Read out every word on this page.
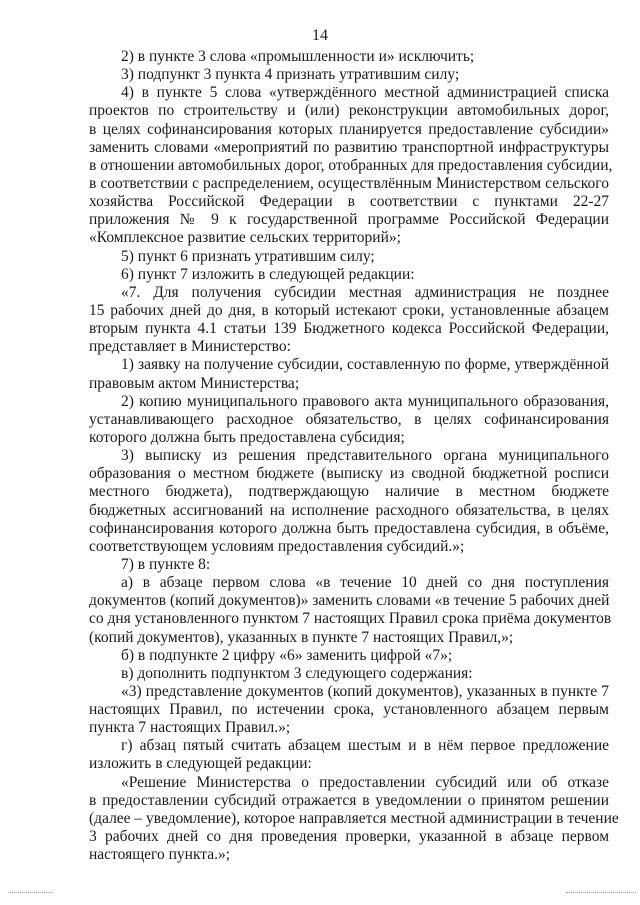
14
2) в пункте 3 слова «промышленности и» исключить;
3) подпункт 3 пункта 4 признать утратившим силу;
4) в пункте 5 слова «утверждённого местной администрацией списка
проектов по строительству и (или) реконструкции автомобильных дорог,
в целях софинансирования которых планируется предоставление субсидии»
заменить словами «мероприятий по развитию транспортной инфраструктуры
в отношении автомобильных дорог, отобранных для предоставления субсидии,
в соответствии с распределением, осуществлённым Министерством сельского
хозяйства Российской Федерации в соответствии с пунктами 22-27
приложения № 9 к государственной программе Российской Федерации
«Комплексное развитие сельских территорий»;
5) пункт 6 признать утратившим силу;
6) пункт 7 изложить в следующей редакции:
«7. Для получения субсидии местная администрация не позднее
15 рабочих дней до дня, в который истекают сроки, установленные абзацем
вторым пункта 4.1 статьи 139 Бюджетного кодекса Российской Федерации,
представляет в Министерство:
1) заявку на получение субсидии, составленную по форме, утверждённой
правовым актом Министерства;
2) копию муниципального правового акта муниципального образования,
устанавливающего расходное обязательство, в целях софинансирования
которого должна быть предоставлена субсидия;
3) выписку из решения представительного органа муниципального
образования о местном бюджете (выписку из сводной бюджетной росписи
местного бюджета), подтверждающую наличие в местном бюджете
бюджетных ассигнований на исполнение расходного обязательства, в целях
софинансирования которого должна быть предоставлена субсидия, в объёме,
соответствующем условиям предоставления субсидий.»;
7) в пункте 8:
а) в абзаце первом слова «в течение 10 дней со дня поступления
документов (копий документов)» заменить словами «в течение 5 рабочих дней
со дня установленного пунктом 7 настоящих Правил срока приёма документов
(копий документов), указанных в пункте 7 настоящих Правил,»;
б) в подпункте 2 цифру «6» заменить цифрой «7»;
в) дополнить подпунктом 3 следующего содержания:
«3) представление документов (копий документов), указанных в пункте 7
настоящих Правил, по истечении срока, установленного абзацем первым
пункта 7 настоящих Правил.»;
г) абзац пятый считать абзацем шестым и в нём первое предложение
изложить в следующей редакции:
«Решение Министерства о предоставлении субсидий или об отказе
в предоставлении субсидий отражается в уведомлении о принятом решении
(далее – уведомление), которое направляется местной администрации в течение
3 рабочих дней со дня проведения проверки, указанной в абзаце первом
настоящего пункта.»;
